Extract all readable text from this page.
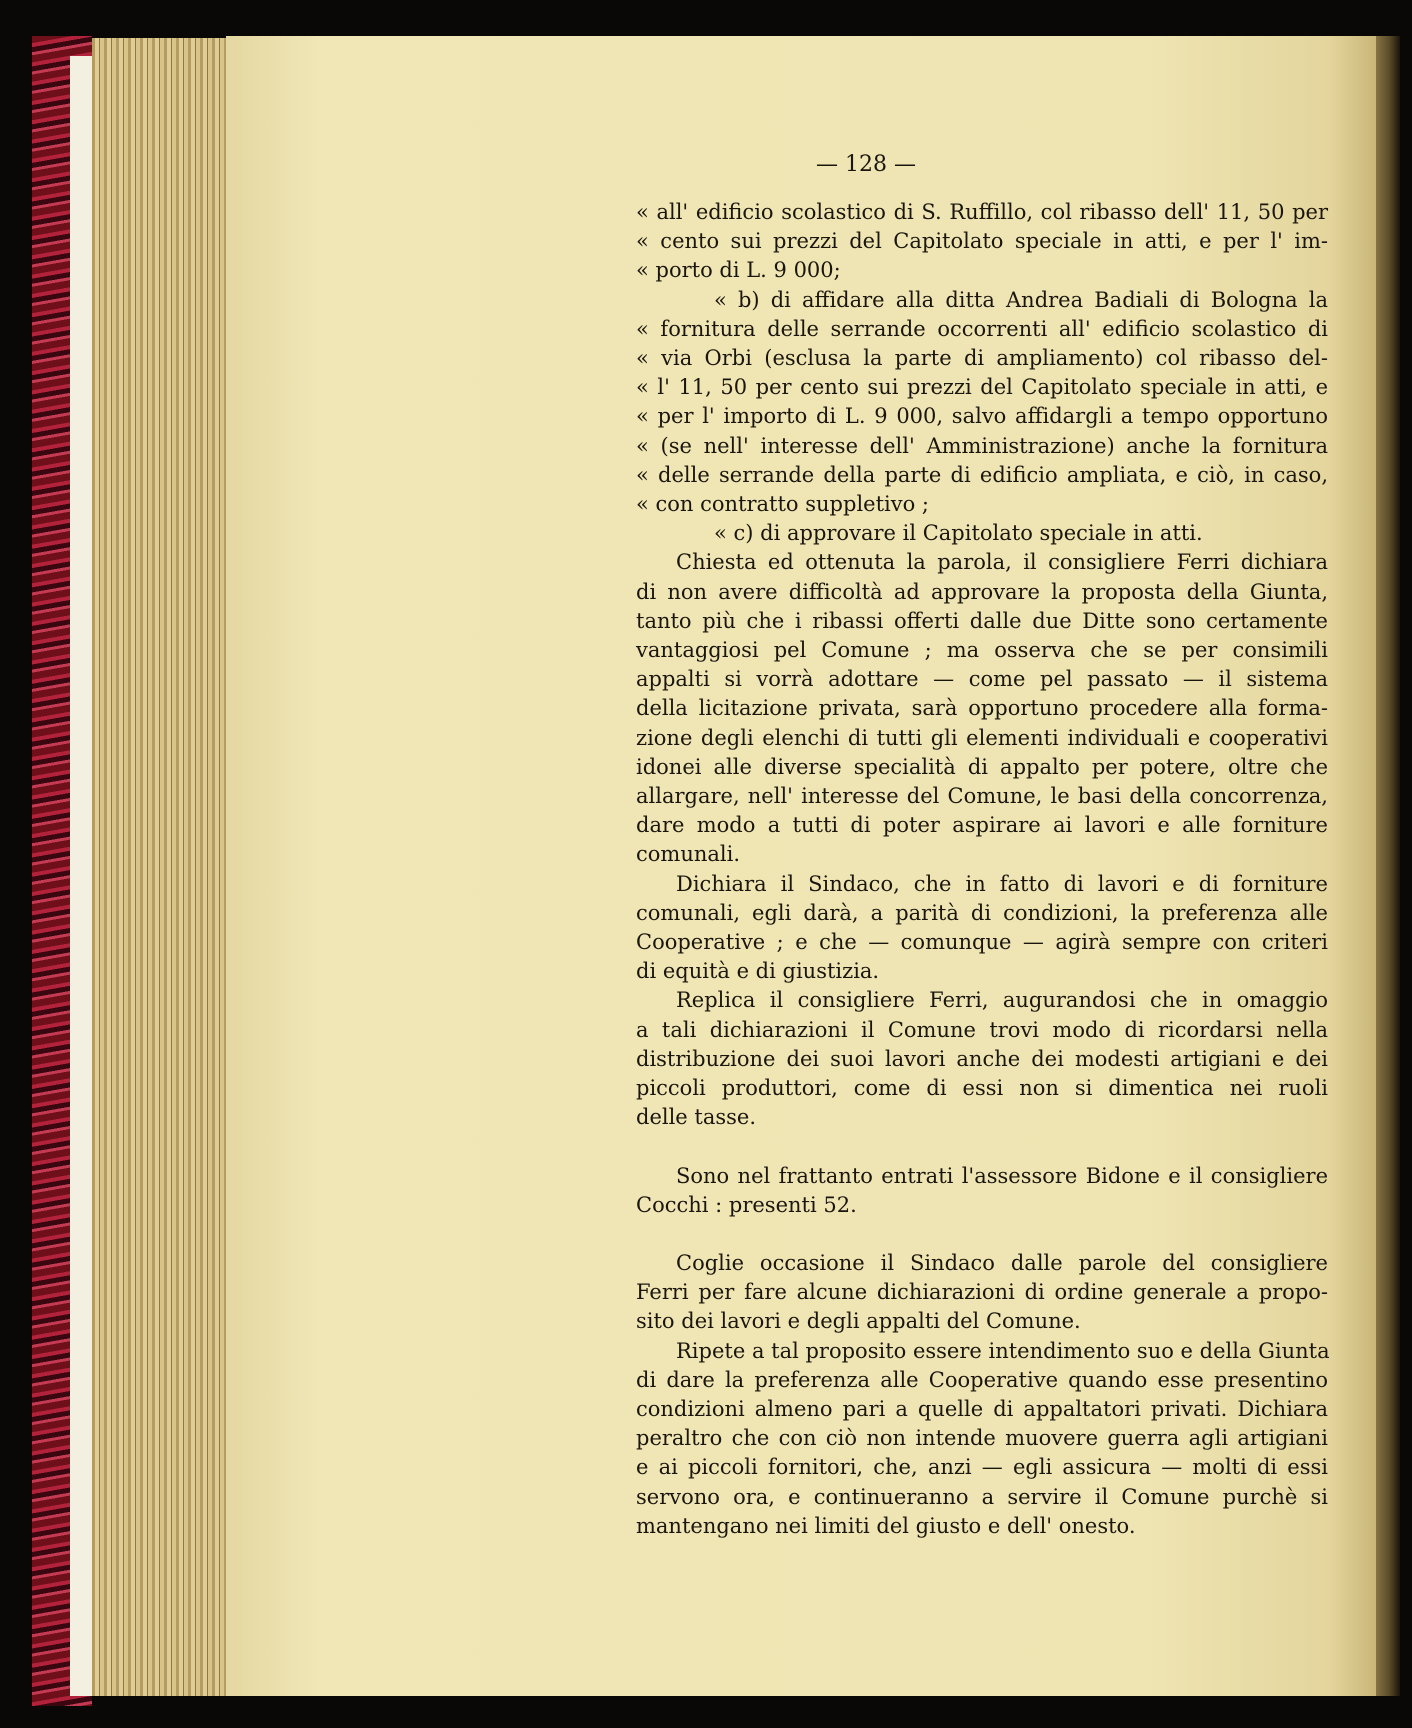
— 128 —
« all' edificio scolastico di S. Ruffillo, col ribasso dell' 11, 50 per
« cento sui prezzi del Capitolato speciale in atti, e per l' im-
« porto di L. 9 000;
« b) di affidare alla ditta Andrea Badiali di Bologna la
« fornitura delle serrande occorrenti all' edificio scolastico di
« via Orbi (esclusa la parte di ampliamento) col ribasso del-
« l' 11, 50 per cento sui prezzi del Capitolato speciale in atti, e
« per l' importo di L. 9 000, salvo affidargli a tempo opportuno
« (se nell' interesse dell' Amministrazione) anche la fornitura
« delle serrande della parte di edificio ampliata, e ciò, in caso,
« con contratto suppletivo ;
« c) di approvare il Capitolato speciale in atti.
Chiesta ed ottenuta la parola, il consigliere Ferri dichiara
di non avere difficoltà ad approvare la proposta della Giunta,
tanto più che i ribassi offerti dalle due Ditte sono certamente
vantaggiosi pel Comune ; ma osserva che se per consimili
appalti si vorrà adottare — come pel passato — il sistema
della licitazione privata, sarà opportuno procedere alla forma-
zione degli elenchi di tutti gli elementi individuali e cooperativi
idonei alle diverse specialità di appalto per potere, oltre che
allargare, nell' interesse del Comune, le basi della concorrenza,
dare modo a tutti di poter aspirare ai lavori e alle forniture
comunali.
Dichiara il Sindaco, che in fatto di lavori e di forniture
comunali, egli darà, a parità di condizioni, la preferenza alle
Cooperative ; e che — comunque — agirà sempre con criteri
di equità e di giustizia.
Replica il consigliere Ferri, augurandosi che in omaggio
a tali dichiarazioni il Comune trovi modo di ricordarsi nella
distribuzione dei suoi lavori anche dei modesti artigiani e dei
piccoli produttori, come di essi non si dimentica nei ruoli
delle tasse.
Sono nel frattanto entrati l'assessore Bidone e il consigliere
Cocchi : presenti 52.
Coglie occasione il Sindaco dalle parole del consigliere
Ferri per fare alcune dichiarazioni di ordine generale a propo-
sito dei lavori e degli appalti del Comune.
Ripete a tal proposito essere intendimento suo e della Giunta
di dare la preferenza alle Cooperative quando esse presentino
condizioni almeno pari a quelle di appaltatori privati. Dichiara
peraltro che con ciò non intende muovere guerra agli artigiani
e ai piccoli fornitori, che, anzi — egli assicura — molti di essi
servono ora, e continueranno a servire il Comune purchè si
mantengano nei limiti del giusto e dell' onesto.
